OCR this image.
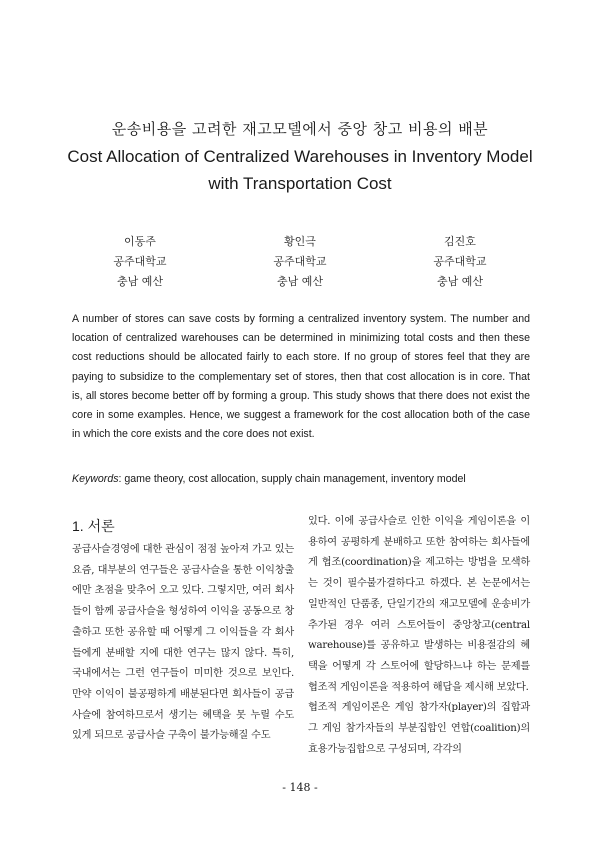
운송비용을 고려한 재고모델에서 중앙 창고 비용의 배분
Cost Allocation of Centralized Warehouses in Inventory Model with Transportation Cost
이동주
공주대학교
충남 예산
황인극
공주대학교
충남 예산
김진호
공주대학교
충남 예산
A number of stores can save costs by forming a centralized inventory system. The number and location of centralized warehouses can be determined in minimizing total costs and then these cost reductions should be allocated fairly to each store. If no group of stores feel that they are paying to subsidize to the complementary set of stores, then that cost allocation is in core. That is, all stores become better off by forming a group. This study shows that there does not exist the core in some examples. Hence, we suggest a framework for the cost allocation both of the case in which the core exists and the core does not exist.
Keywords: game theory, cost allocation, supply chain management, inventory model
1. 서론

공급사슬경영에 대한 관심이 점점 높아져 가고 있는 요즘, 대부분의 연구들은 공급사슬을 통한 이익창출에만 초점을 맞추어 오고 있다. 그렇지만, 여러 회사들이 함께 공급사슬을 형성하여 이익을 공동으로 창출하고 또한 공유할 때 어떻게 그 이익들을 각 회사들에게 분배할 지에 대한 연구는 많지 않다. 특히, 국내에서는 그런 연구들이 미미한 것으로 보인다. 만약 이익이 불공평하게 배분된다면 회사들이 공급사슬에 참여하므로서 생기는 혜택을 못 누릴 수도 있게 되므로 공급사슬 구축이 불가능해질 수도

있다. 이에 공급사슬로 인한 이익을 게임이론을 이용하여 공평하게 분배하고 또한 참여하는 회사들에게 협조(coordination)을 제고하는 방법을 모색하는 것이 필수불가결하다고 하겠다. 본 논문에서는 일반적인 단품종, 단일기간의 재고모델에 운송비가 추가된 경우 여러 스토어들이 중앙창고(central warehouse)를 공유하고 발생하는 비용절감의 혜택을 어떻게 각 스토어에 할당하느냐 하는 문제를 협조적 게임이론을 적용하여 해답을 제시해 보았다.

협조적 게임이론은 게임 참가자(player)의 집합과 그 게임 참가자들의 부분집합인 연합(coalition)의 효용가능집합으로 구성되며, 각각의

- 148 -
